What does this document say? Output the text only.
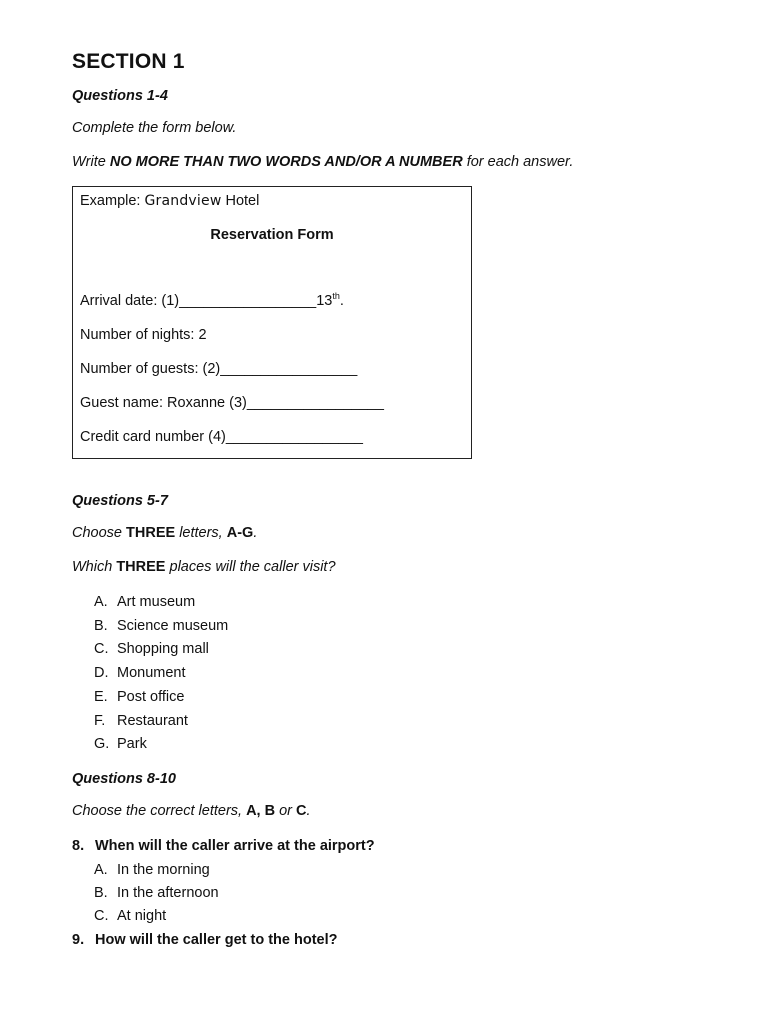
SECTION 1
Questions 1-4
Complete the form below.
Write NO MORE THAN TWO WORDS AND/OR A NUMBER for each answer.
Example: Grandview Hotel
Reservation Form
Arrival date: (1)_________________13th.
Number of nights: 2
Number of guests: (2)_________________
Guest name: Roxanne (3)_________________
Credit card number (4)_________________
Questions 5-7
Choose THREE letters, A-G.
Which THREE places will the caller visit?
A. Art museum
B. Science museum
C. Shopping mall
D. Monument
E. Post office
F. Restaurant
G. Park
Questions 8-10
Choose the correct letters, A, B or C.
8. When will the caller arrive at the airport?
A. In the morning
B. In the afternoon
C. At night
9. How will the caller get to the hotel?
